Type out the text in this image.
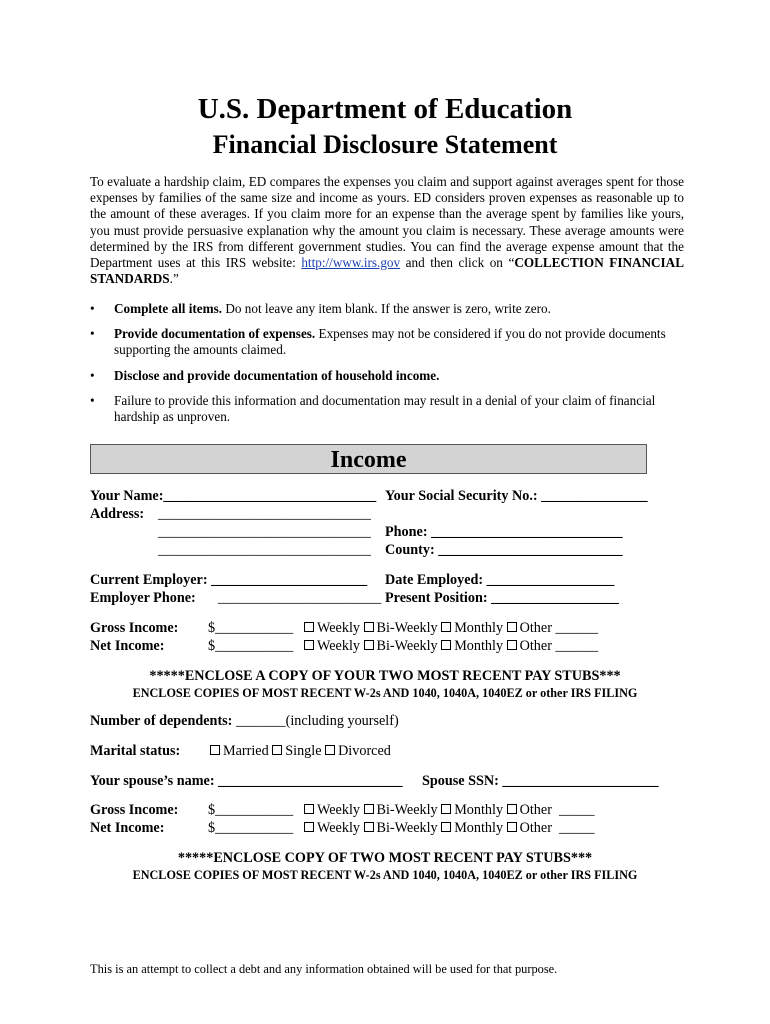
U.S. Department of Education
Financial Disclosure Statement
To evaluate a hardship claim, ED compares the expenses you claim and support against averages spent for those expenses by families of the same size and income as yours. ED considers proven expenses as reasonable up to the amount of these averages. If you claim more for an expense than the average spent by families like yours, you must provide persuasive explanation why the amount you claim is necessary. These average amounts were determined by the IRS from different government studies. You can find the average expense amount that the Department uses at this IRS website: http://www.irs.gov and then click on “COLLECTION FINANCIAL STANDARDS.”
• Complete all items. Do not leave any item blank. If the answer is zero, write zero.
• Provide documentation of expenses. Expenses may not be considered if you do not provide documents supporting the amounts claimed.
• Disclose and provide documentation of household income.
• Failure to provide this information and documentation may result in a denial of your claim of financial hardship as unproven.
Income
Your Name:______________________________ Your Social Security No.: _______________
Address: ______________________________
______________________________ Phone: ___________________________
______________________________ County: __________________________
Current Employer: ______________________ Date Employed: __________________
Employer Phone: _______________________ Present Position: __________________
Gross Income: $___________	Weekly Bi-Weekly Monthly Other ______
Net Income:	$___________	Weekly Bi-Weekly Monthly Other ______
*****ENCLOSE A COPY OF YOUR TWO MOST RECENT PAY STUBS***
ENCLOSE COPIES OF MOST RECENT W-2s AND 1040, 1040A, 1040EZ or other IRS FILING
Number of dependents: _______(including yourself)
Marital status:	Married Single Divorced
Your spouse’s name: __________________________ Spouse SSN: ______________________
Gross Income: $___________	Weekly Bi-Weekly Monthly Other _____
Net Income:	$___________	Weekly Bi-Weekly Monthly Other _____
*****ENCLOSE COPY OF TWO MOST RECENT PAY STUBS***
ENCLOSE COPIES OF MOST RECENT W-2s AND 1040, 1040A, 1040EZ or other IRS FILING
This is an attempt to collect a debt and any information obtained will be used for that purpose.
